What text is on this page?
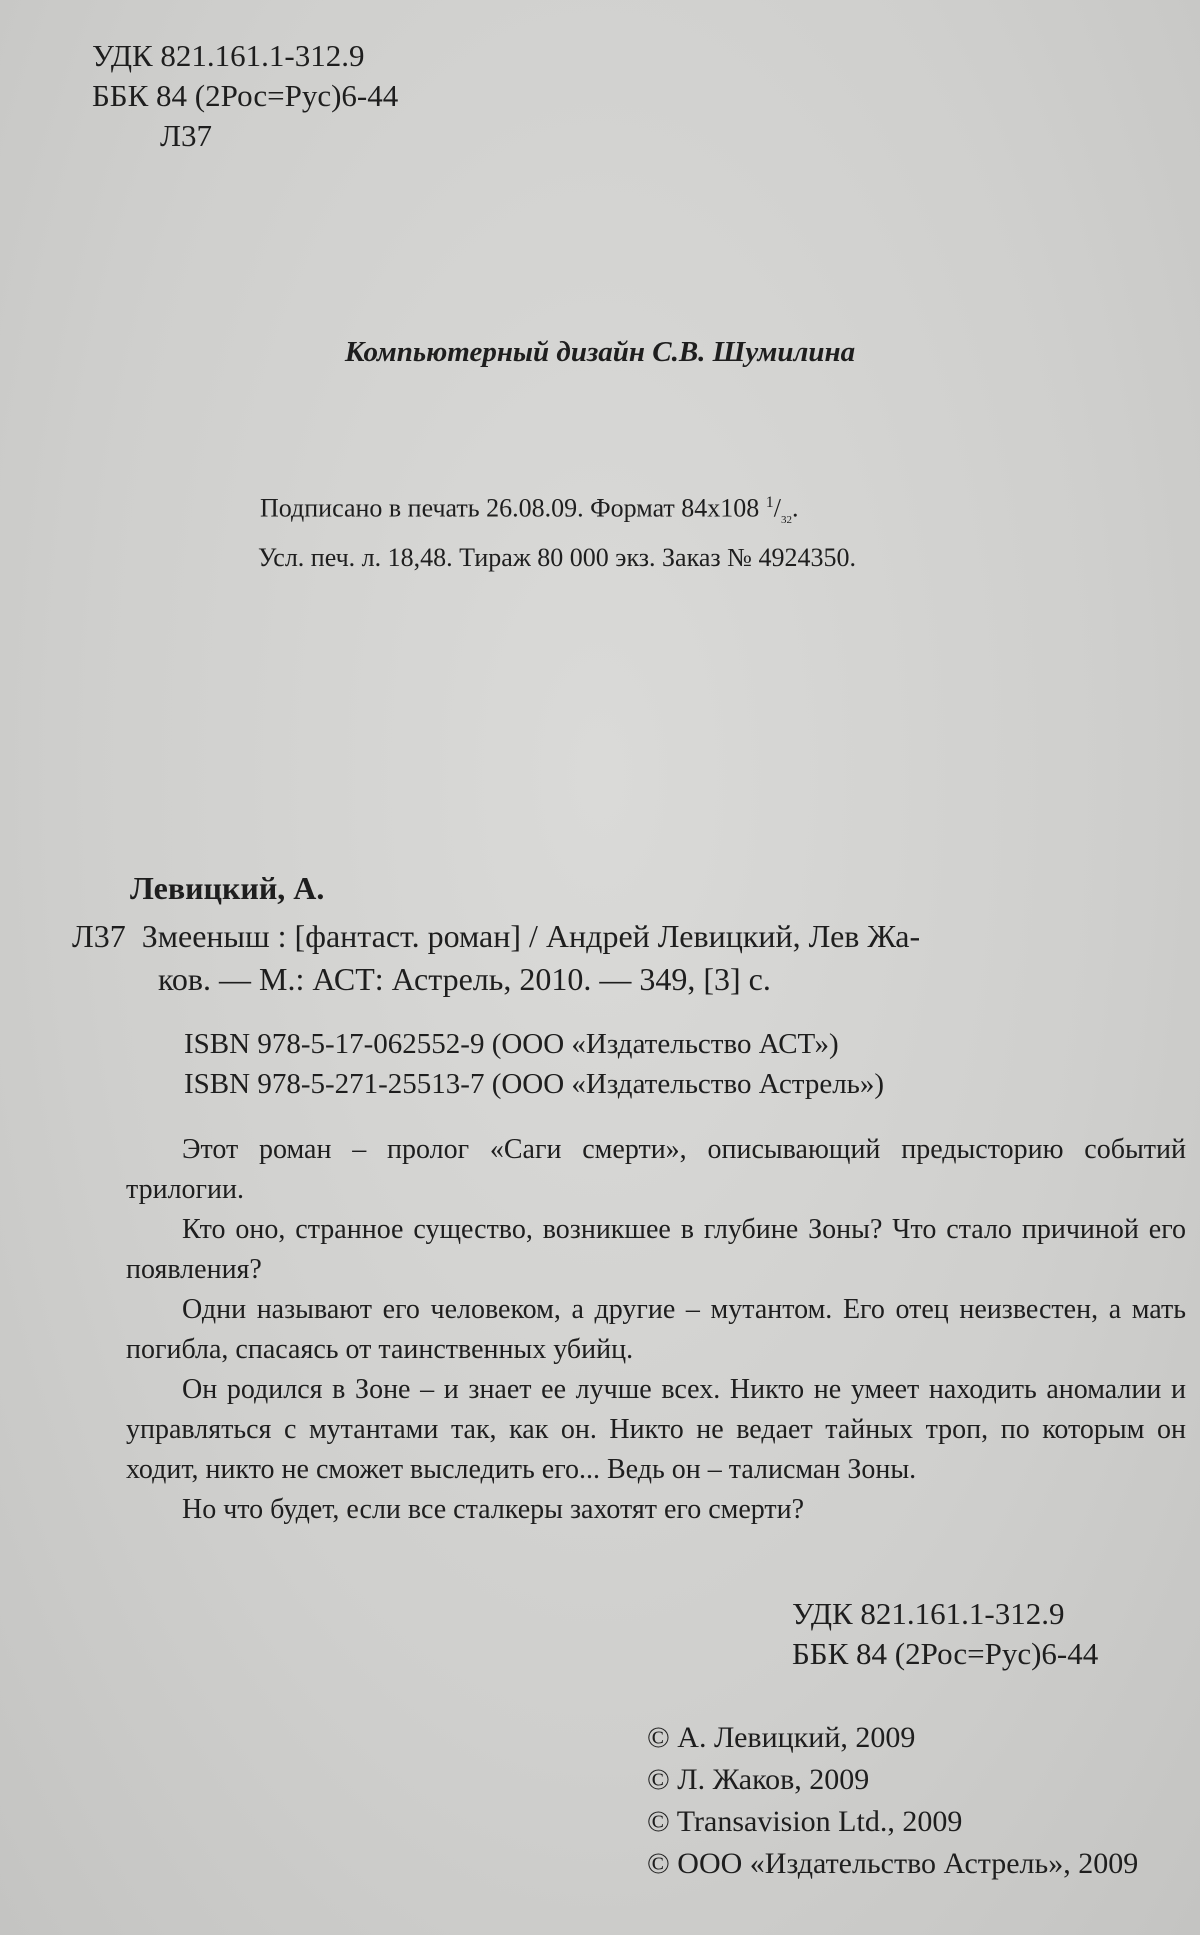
УДК 821.161.1-312.9
ББК 84 (2Рос=Рус)6-44
Л37
Компьютерный дизайн С.В. Шумилина
Подписано в печать 26.08.09. Формат 84x108 $^1/_{32}$.
Усл. печ. л. 18,48. Тираж 80 000 экз. Заказ № 4924350.
Левицкий, А.
Л37  Змееныш : [фантаст. роман] / Андрей Левицкий, Лев Жа-
ков. — М.: АСТ: Астрель, 2010. — 349, [3] с.
ISBN 978-5-17-062552-9 (ООО «Издательство АСТ»)
ISBN 978-5-271-25513-7 (ООО «Издательство Астрель»)

Этот роман – пролог «Саги смерти», описывающий предысторию событий трилогии.

Кто оно, странное существо, возникшее в глубине Зоны? Что стало причиной его появления?

Одни называют его человеком, а другие – мутантом. Его отец неизвестен, а мать погибла, спасаясь от таинственных убийц.

Он родился в Зоне – и знает ее лучше всех. Никто не умеет находить аномалии и управляться с мутантами так, как он. Никто не ведает тайных троп, по которым он ходит, никто не сможет выследить его... Ведь он – талисман Зоны.

Но что будет, если все сталкеры захотят его смерти?

УДК 821.161.1-312.9
ББК 84 (2Рос=Рус)6-44
© А. Левицкий, 2009
© Л. Жаков, 2009
© Transavision Ltd., 2009
© ООО «Издательство Астрель», 2009
